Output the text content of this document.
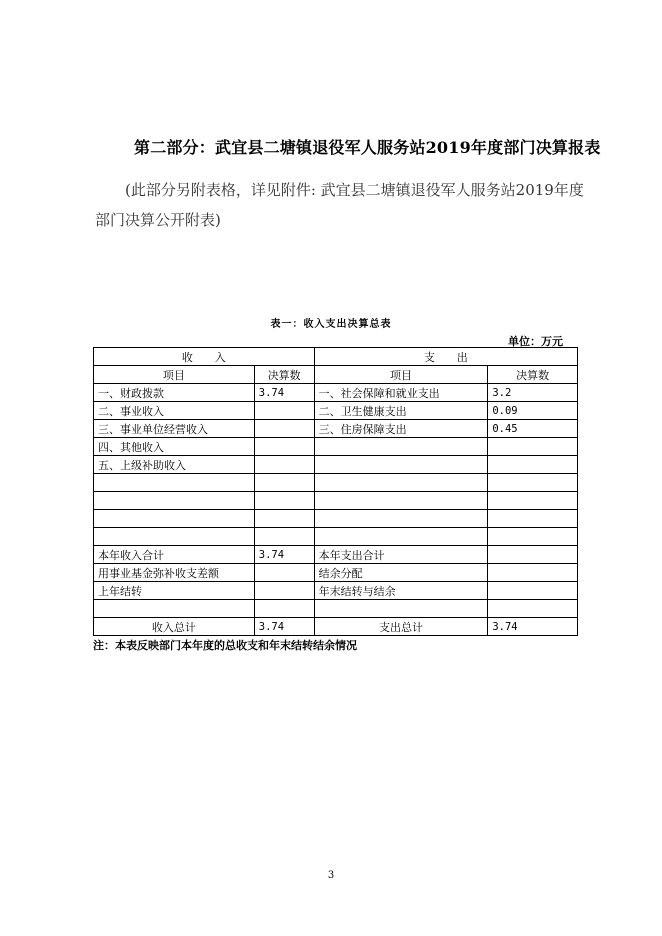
第二部分：武宜县二塘镇退役军人服务站2019年度部门决算报表
(此部分另附表格，详见附件: 武宜县二塘镇退役军人服务站2019年度部门决算公开附表)
表一：收入支出决算总表
单位：万元
收　　入		支　　出	
项目	决算数	项目	决算数
一、财政拨款	3.74	一、社会保障和就业支出	3.2
二、事业收入		二、卫生健康支出	0.09
三、事业单位经营收入		三、住房保障支出	0.45
四、其他收入			
五、上级补助收入			

本年收入合计	3.74	本年支出合计	
用事业基金弥补收支差额		结余分配	
上年结转		年末结转与结余	

收入总计	3.74	支出总计	3.74
注：本表反映部门本年度的总收支和年末结转结余情况
3
